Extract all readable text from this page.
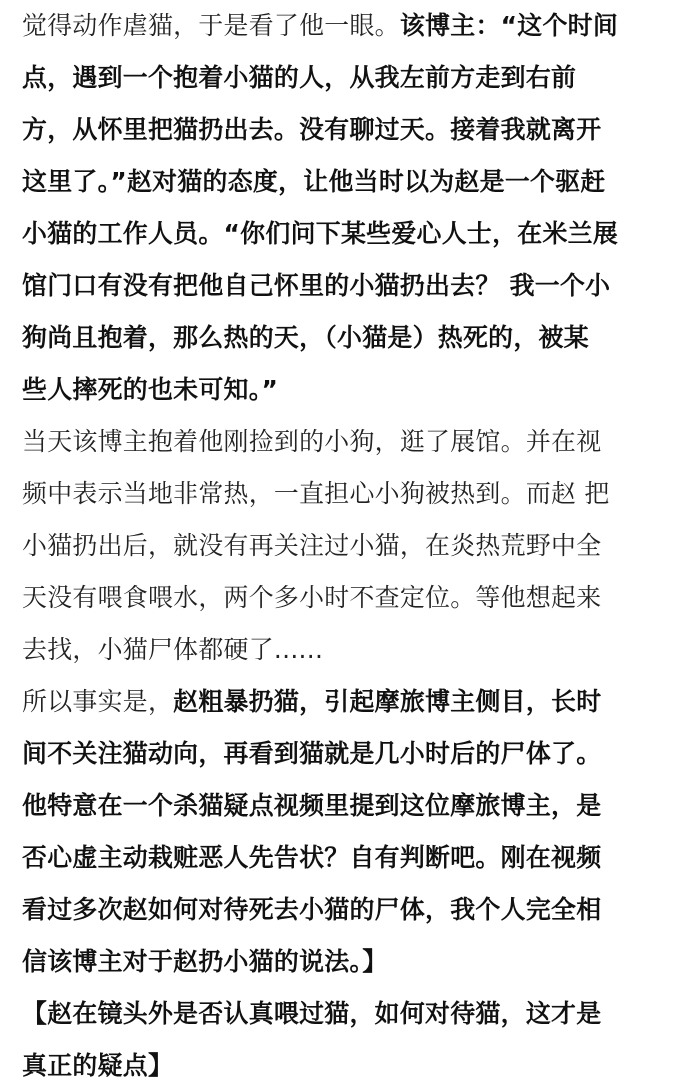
觉得动作虐猫，于是看了他一眼。该博主：“这个时间
点，遇到一个抱着小猫的人，从我左前方走到右前
方，从怀里把猫扔出去。没有聊过天。接着我就离开
这里了。”赵对猫的态度，让他当时以为赵是一个驱赶
小猫的工作人员。“你们问下某些爱心人士，在米兰展
馆门口有没有把他自己怀里的小猫扔出去？ 我一个小
狗尚且抱着，那么热的天，（小猫是）热死的，被某
些人摔死的也未可知。”
当天该博主抱着他刚捡到的小狗，逛了展馆。并在视
频中表示当地非常热，一直担心小狗被热到。而赵 把
小猫扔出后，就没有再关注过小猫，在炎热荒野中全
天没有喂食喂水，两个多小时不查定位。等他想起来
去找，小猫尸体都硬了......
所以事实是，赵粗暴扔猫，引起摩旅博主侧目，长时
间不关注猫动向，再看到猫就是几小时后的尸体了。
他特意在一个杀猫疑点视频里提到这位摩旅博主，是
否心虚主动栽赃恶人先告状？自有判断吧。刚在视频
看过多次赵如何对待死去小猫的尸体，我个人完全相
信该博主对于赵扔小猫的说法。】
【赵在镜头外是否认真喂过猫，如何对待猫，这才是
真正的疑点】
